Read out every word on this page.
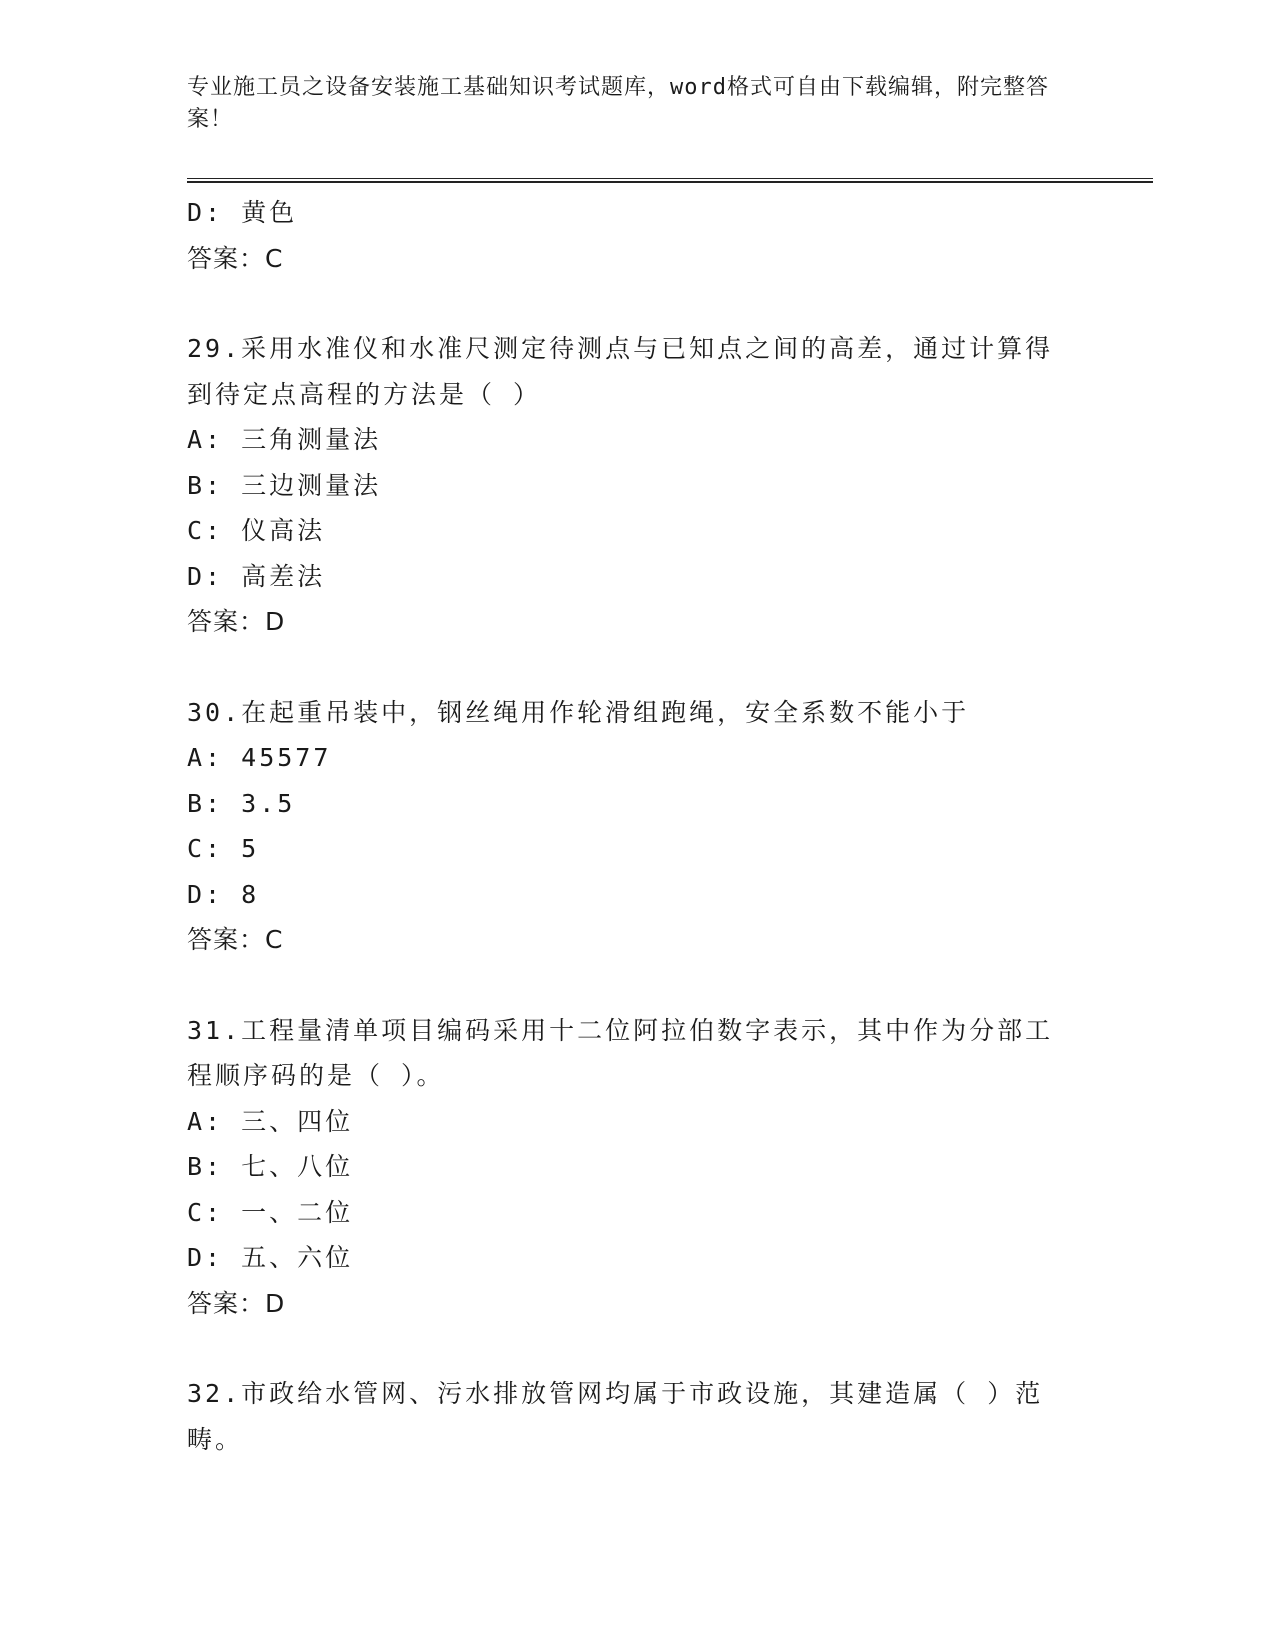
专业施工员之设备安装施工基础知识考试题库，word格式可自由下载编辑，附完整答案！
D: 黄色
答案：C
29.采用水准仪和水准尺测定待测点与已知点之间的高差，通过计算得到待定点高程的方法是（ ）
A: 三角测量法
B: 三边测量法
C: 仪高法
D: 高差法
答案：D
30.在起重吊装中，钢丝绳用作轮滑组跑绳，安全系数不能小于
A: 45577
B: 3.5
C: 5
D: 8
答案：C
31.工程量清单项目编码采用十二位阿拉伯数字表示，其中作为分部工程顺序码的是（ ）。
A: 三、四位
B: 七、八位
C: 一、二位
D: 五、六位
答案：D
32.市政给水管网、污水排放管网均属于市政设施，其建造属（ ）范畴。
